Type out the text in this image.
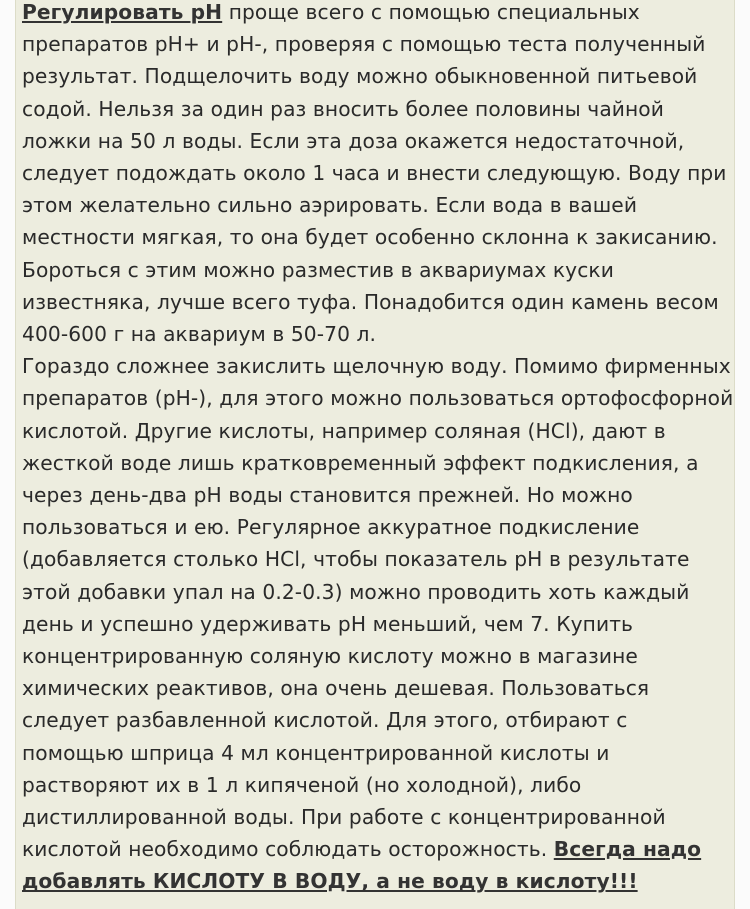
Регулировать pH проще всего с помощью специальных препаратов pH+ и pH-, проверяя с помощью теста полученный результат. Подщелочить воду можно обыкновенной питьевой содой. Нельзя за один раз вносить более половины чайной ложки на 50 л воды. Если эта доза окажется недостаточной, следует подождать около 1 часа и внести следующую. Воду при этом желательно сильно аэрировать. Если вода в вашей местности мягкая, то она будет особенно склонна к закисанию. Бороться с этим можно разместив в аквариумах куски известняка, лучше всего туфа. Понадобится один камень весом 400-600 г на аквариум в 50-70 л.

Гораздо сложнее закислить щелочную воду. Помимо фирменных препаратов (pH-), для этого можно пользоваться ортофосфорной кислотой. Другие кислоты, например соляная (HCl), дают в жесткой воде лишь кратковременный эффект подкисления, а через день-два pH воды становится прежней. Но можно пользоваться и ею. Регулярное аккуратное подкисление (добавляется столько HCl, чтобы показатель pH в результате этой добавки упал на 0.2-0.3) можно проводить хоть каждый день и успешно удерживать pH меньший, чем 7. Купить концентрированную соляную кислоту можно в магазине химических реактивов, она очень дешевая. Пользоваться следует разбавленной кислотой. Для этого, отбирают с помощью шприца 4 мл концентрированной кислоты и растворяют их в 1 л кипяченой (но холодной), либо дистиллированной воды. При работе с концентрированной кислотой необходимо соблюдать осторожность. Всегда надо добавлять КИСЛОТУ В ВОДУ, а не воду в кислоту!!!
